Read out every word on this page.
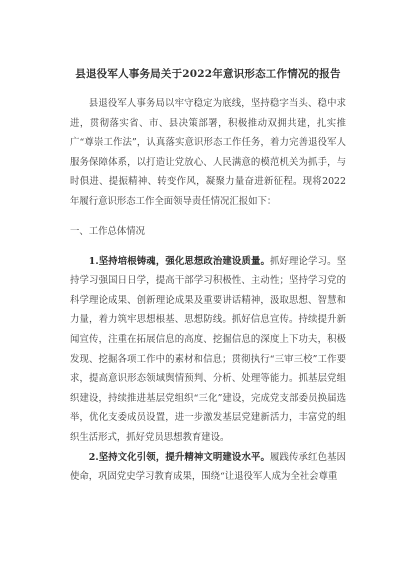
县退役军人事务局关于2022年意识形态工作情况的报告

县退役军人事务局以牢守稳定为底线，坚持稳字当头、稳中求进，贯彻落实省、市、县决策部署，积极推动双拥共建，扎实推广“尊崇工作法”，认真落实意识形态工作任务，着力完善退役军人服务保障体系，以打造让党放心、人民满意的模范机关为抓手，与时俱进、提振精神、转变作风，凝聚力量奋进新征程。现将2022年履行意识形态工作全面领导责任情况汇报如下：

一、工作总体情况

1.坚持培根铸魂，强化思想政治建设质量。抓好理论学习。坚持学习强国日日学，提高干部学习积极性、主动性；坚持学习党的科学理论成果、创新理论成果及重要讲话精神，汲取思想、智慧和力量，着力筑牢思想根基、思想防线。抓好信息宣传。持续提升新闻宣传，注重在拓展信息的高度、挖掘信息的深度上下功夫，积极发现、挖掘各项工作中的素材和信息；贯彻执行“三审三校”工作要求，提高意识形态领域舆情预判、分析、处理等能力。抓基层党组织建设，持续推进基层党组织“三化”建设，完成党支部委员换届选举，优化支委成员设置，进一步激发基层党建新活力，丰富党的组织生活形式，抓好党员思想教育建设。

2.坚持文化引领，提升精神文明建设水平。履践传承红色基因使命，巩固党史学习教育成果，围绕“让退役军人成为全社会尊重
